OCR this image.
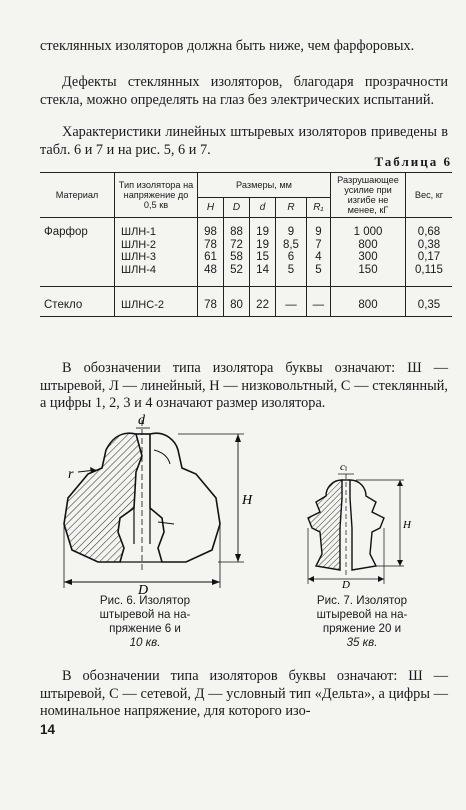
стеклянных изоляторов должна быть ниже, чем фарфоровых.

Дефекты стеклянных изоляторов, благодаря прозрачности стекла, можно определять на глаз без электрических испытаний.

Характеристики линейных штыревых изоляторов приведены в табл. 6 и 7 и на рис. 5, 6 и 7.

Таблица 6
Материал	Тип изолятора на напряжение до 0,5 кв	Размеры, мм					Разрушающее усилие при изгибе не менее, кГ	Вес, кг
		H	D	d	R	R₁		
Фарфор	ШЛН-1	98	88	19	9	9	1 000	0,68
	ШЛН-2	78	72	19	8,5	7	800	0,38
	ШЛН-3	61	58	15	6	4	300	0,17
	ШЛН-4	48	52	14	5	5	150	0,115
Стекло	ШЛНС-2	78	80	22	—	—	800	0,35

В обозначении типа изолятора буквы означают: Ш — штыревой, Л — линейный, Н — низковольтный, С — стеклянный, а цифры 1, 2, 3 и 4 означают размер изолятора.

d
r
H
D
Рис. 6. Изолятор
штыревой на на-
пряжение 6 и
10 кв.
c
H
D
Рис. 7. Изолятор
штыревой на на-
пряжение 20 и
35 кв.

В обозначении типа изоляторов буквы означают: Ш — штыревой, С — сетевой, Д — условный тип «Дельта», а цифры — номинальное напряжение, для которого изо-

14
